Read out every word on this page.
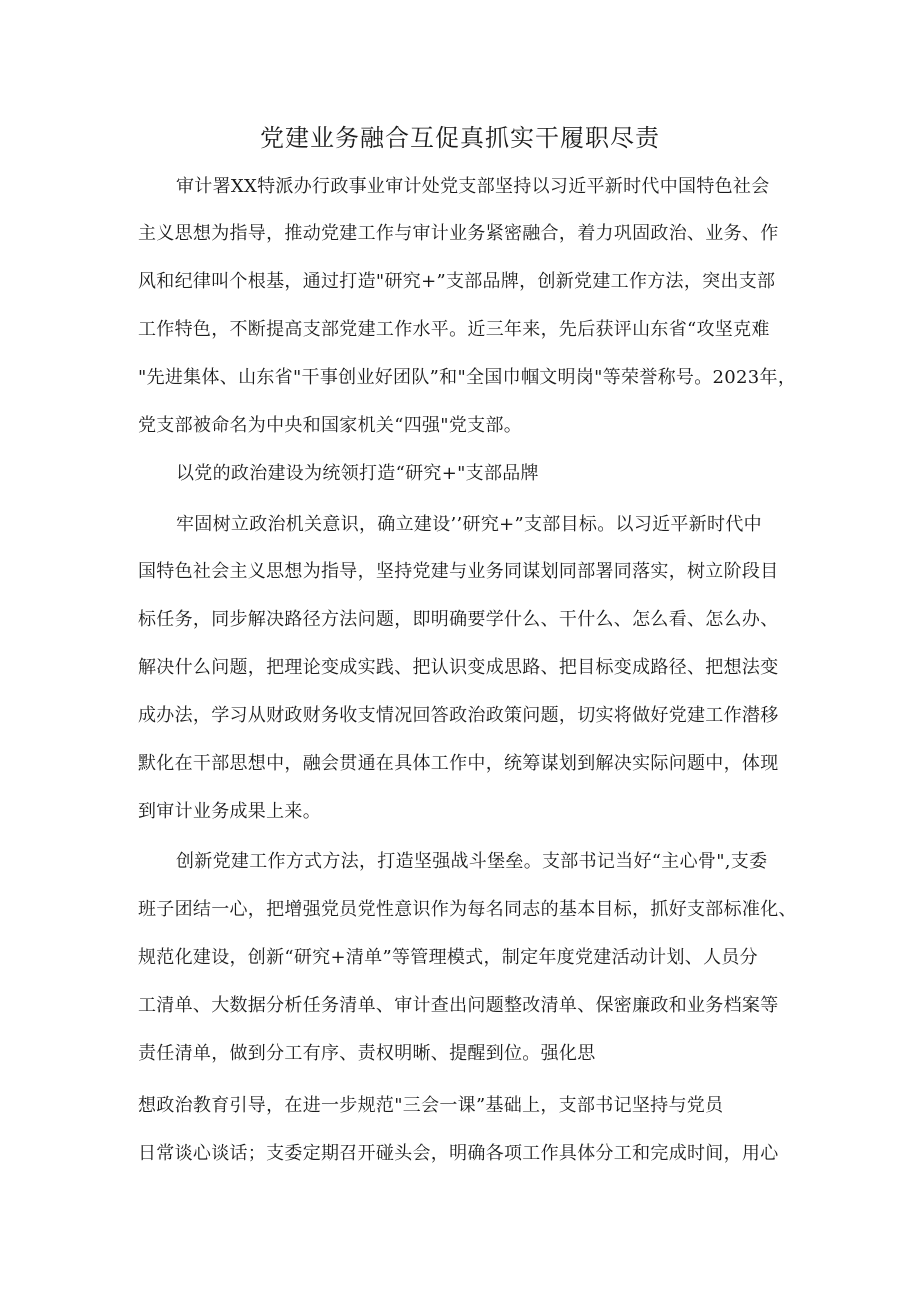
党建业务融合互促真抓实干履职尽责
审计署XX特派办行政事业审计处党支部坚持以习近平新时代中国特色社会
主义思想为指导，推动党建工作与审计业务紧密融合，着力巩固政治、业务、作
风和纪律叫个根基，通过打造"研究+”支部品牌，创新党建工作方法，突出支部
工作特色，不断提高支部党建工作水平。近三年来，先后获评山东省“攻坚克难
"先进集体、山东省"干事创业好团队”和"全国巾帼文明岗"等荣誉称号。2023年，
党支部被命名为中央和国家机关“四强"党支部。
以党的政治建设为统领打造“研究+"支部品牌
牢固树立政治机关意识，确立建设’’研究+”支部目标。以习近平新时代中
国特色社会主义思想为指导，坚持党建与业务同谋划同部署同落实，树立阶段目
标任务，同步解决路径方法问题，即明确要学什么、干什么、怎么看、怎么办、
解决什么问题，把理论变成实践、把认识变成思路、把目标变成路径、把想法变
成办法，学习从财政财务收支情况回答政治政策问题，切实将做好党建工作潜移
默化在干部思想中，融会贯通在具体工作中，统筹谋划到解决实际问题中，体现
到审计业务成果上来。
创新党建工作方式方法，打造坚强战斗堡垒。支部书记当好“主心骨",支委
班子团结一心，把增强党员党性意识作为每名同志的基本目标，抓好支部标准化、
规范化建设，创新“研究+清单”等管理模式，制定年度党建活动计划、人员分
工清单、大数据分析任务清单、审计查出问题整改清单、保密廉政和业务档案等
责任清单，做到分工有序、责权明晰、提醒到位。强化思
想政治教育引导，在进一步规范"三会一课”基础上，支部书记坚持与党员
日常谈心谈话；支委定期召开碰头会，明确各项工作具体分工和完成时间，用心
